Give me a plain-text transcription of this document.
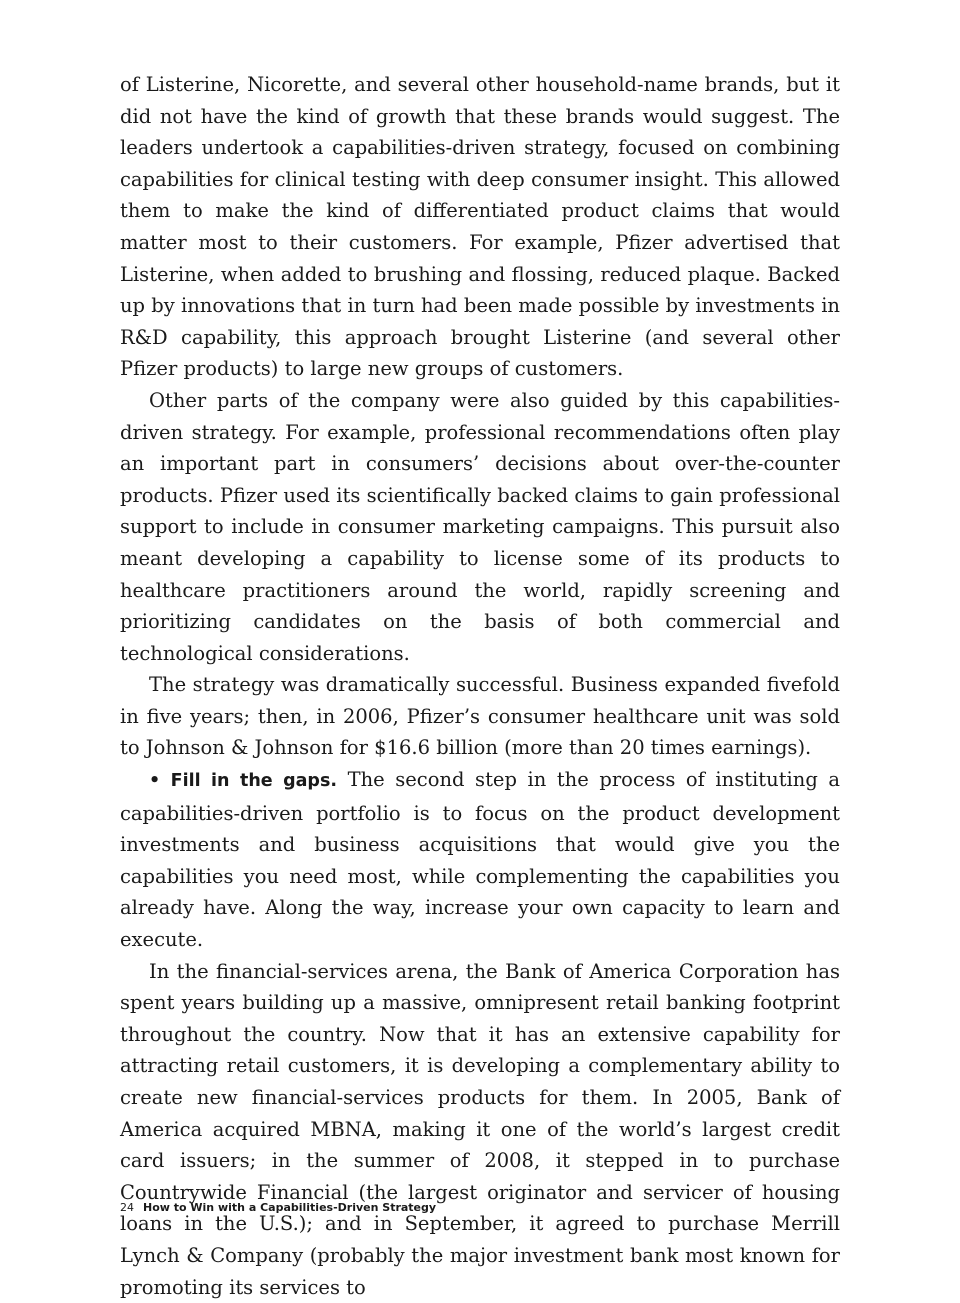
of Listerine, Nicorette, and several other household-name brands, but it did not have the kind of growth that these brands would suggest. The leaders undertook a capabilities-driven strategy, focused on combining capabilities for clinical testing with deep consumer insight. This allowed them to make the kind of differentiated product claims that would matter most to their customers. For example, Pfizer advertised that Listerine, when added to brushing and flossing, reduced plaque. Backed up by innovations that in turn had been made possible by investments in R&D capability, this approach brought Listerine (and several other Pfizer products) to large new groups of customers.

Other parts of the company were also guided by this capabilities-driven strategy. For example, professional recommendations often play an important part in consumers’ decisions about over-the-counter products. Pfizer used its scientifically backed claims to gain professional support to include in consumer marketing campaigns. This pursuit also meant developing a capability to license some of its products to healthcare practitioners around the world, rapidly screening and prioritizing candidates on the basis of both commercial and technological considerations.

The strategy was dramatically successful. Business expanded fivefold in five years; then, in 2006, Pfizer’s consumer healthcare unit was sold to Johnson & Johnson for $16.6 billion (more than 20 times earnings).

• Fill in the gaps. The second step in the process of instituting a capabilities-driven portfolio is to focus on the product development investments and business acquisitions that would give you the capabilities you need most, while complementing the capabilities you already have. Along the way, increase your own capacity to learn and execute.

In the financial-services arena, the Bank of America Corporation has spent years building up a massive, omnipresent retail banking footprint throughout the country. Now that it has an extensive capability for attracting retail customers, it is developing a complementary ability to create new financial-services products for them. In 2005, Bank of America acquired MBNA, making it one of the world’s largest credit card issuers; in the summer of 2008, it stepped in to purchase Countrywide Financial (the largest originator and servicer of housing loans in the U.S.); and in September, it agreed to purchase Merrill Lynch & Company (probably the major investment bank most known for promoting its services to

24 How to Win with a Capabilities-Driven Strategy
